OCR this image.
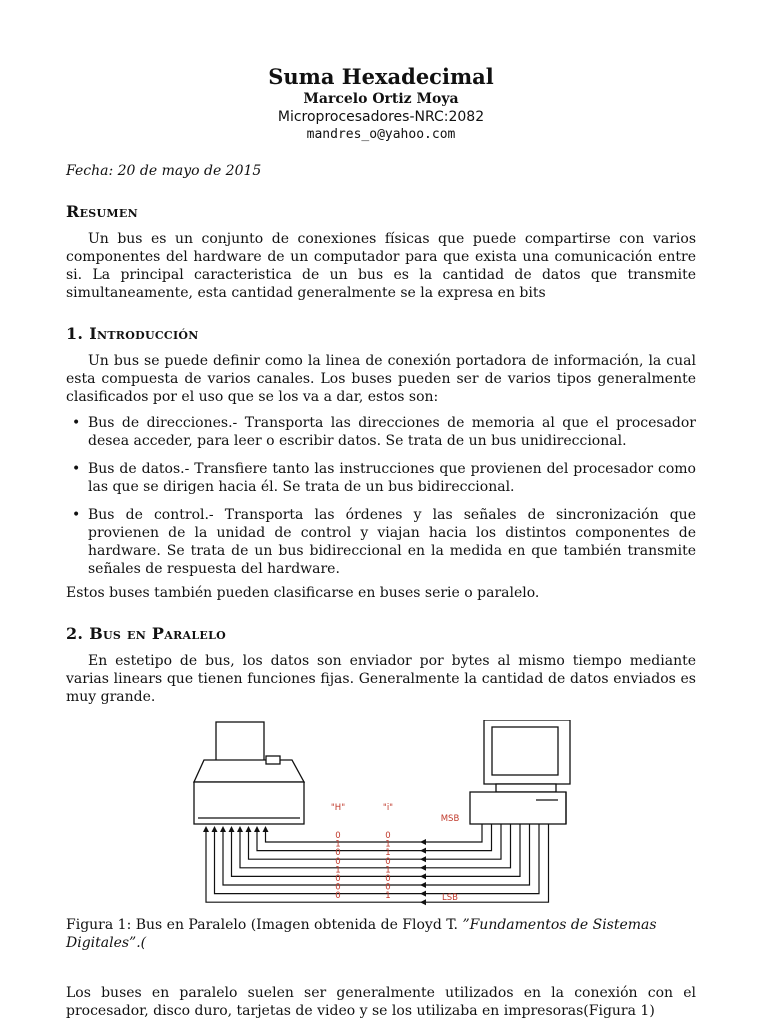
Suma Hexadecimal

Marcelo Ortiz Moya

Microprocesadores-NRC:2082

mandres_o@yahoo.com

Fecha: 20 de mayo de 2015
Resumen

Un bus es un conjunto de conexiones físicas que puede compartirse con varios componentes del hardware de un computador para que exista una comunicación entre si. La principal caracteristica de un bus es la cantidad de datos que transmite simultaneamente, esta cantidad generalmente se la expresa en bits

1. Introducción

Un bus se puede definir como la linea de conexión portadora de información, la cual esta compuesta de varios canales. Los buses pueden ser de varios tipos generalmente clasificados por el uso que se los va a dar, estos son:

• Bus de direcciones.- Transporta las direcciones de memoria al que el procesador desea acceder, para leer o escribir datos. Se trata de un bus unidireccional.
• Bus de datos.- Transfiere tanto las instrucciones que provienen del procesador como las que se dirigen hacia él. Se trata de un bus bidireccional.
• Bus de control.- Transporta las órdenes y las señales de sincronización que provienen de la unidad de control y viajan hacia los distintos componentes de hardware. Se trata de un bus bidireccional en la medida en que también transmite señales de respuesta del hardware.

Estos buses también pueden clasificarse en buses serie o paralelo.

2. Bus en Paralelo

En estetipo de bus, los datos son enviador por bytes al mismo tiempo mediante varias linears que tienen funciones fijas. Generalmente la cantidad de datos enviados es muy grande.

"H"	"i"
MSB
LSB
0	0
1	1
0	1
0	0
1	1
0	0
0	0
0	1
Figura 1: Bus en Paralelo (Imagen obtenida de Floyd T. ”Fundamentos de Sistemas Digitales”.(

Los buses en paralelo suelen ser generalmente utilizados en la conexión con el procesador, disco duro, tarjetas de video y se los utilizaba en impresoras(Figura 1)
